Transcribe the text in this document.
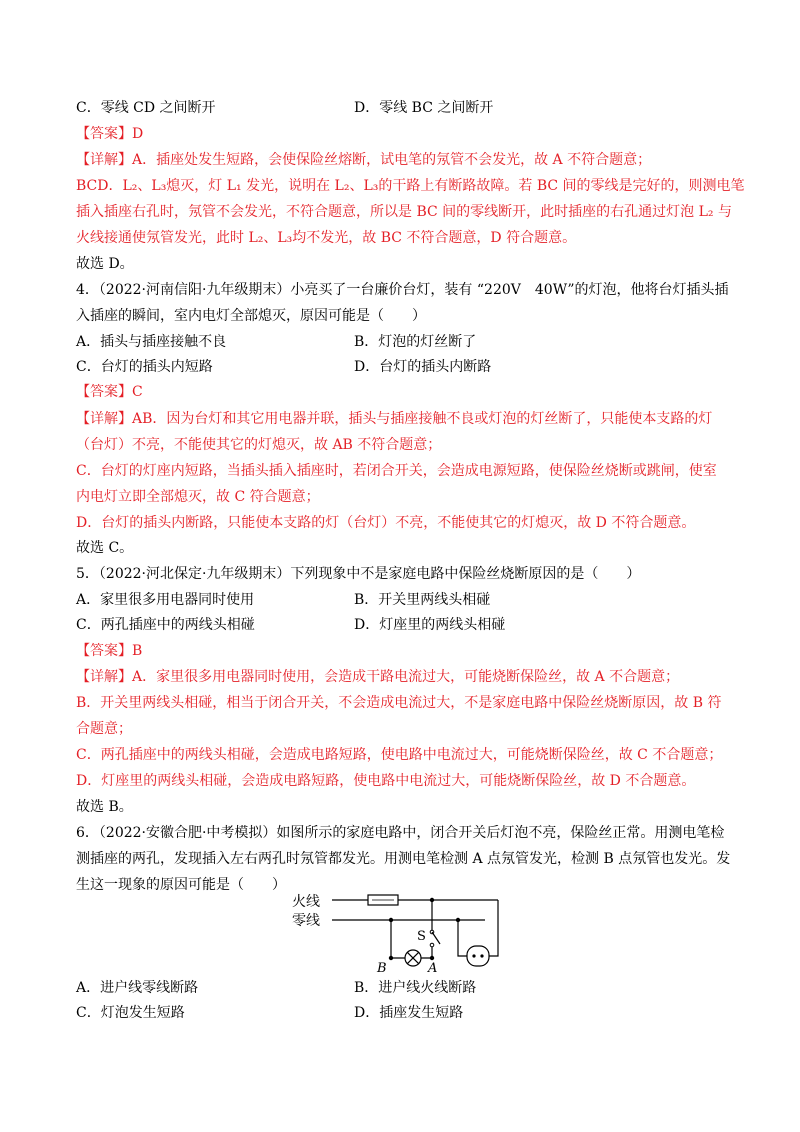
C．零线 CD 之间断开	D．零线 BC 之间断开
【答案】D
【详解】A．插座处发生短路，会使保险丝熔断，试电笔的氖管不会发光，故 A 不符合题意；
BCD．L₂、L₃熄灭，灯 L₁ 发光，说明在 L₂、L₃的干路上有断路故障。若 BC 间的零线是完好的，则测电笔
插入插座右孔时，氖管不会发光，不符合题意，所以是 BC 间的零线断开，此时插座的右孔通过灯泡 L₂ 与
火线接通使氖管发光，此时 L₂、L₃均不发光，故 BC 不符合题意，D 符合题意。
故选 D。
4．（2022·河南信阳·九年级期末）小亮买了一台廉价台灯，装有 “220V　40W”的灯泡，他将台灯插头插
入插座的瞬间，室内电灯全部熄灭，原因可能是（　　）
A．插头与插座接触不良	B．灯泡的灯丝断了
C．台灯的插头内短路	D．台灯的插头内断路
【答案】C
【详解】AB．因为台灯和其它用电器并联，插头与插座接触不良或灯泡的灯丝断了，只能使本支路的灯
（台灯）不亮，不能使其它的灯熄灭，故 AB 不符合题意；
C．台灯的灯座内短路，当插头插入插座时，若闭合开关，会造成电源短路，使保险丝烧断或跳闸，使室
内电灯立即全部熄灭，故 C 符合题意；
D．台灯的插头内断路，只能使本支路的灯（台灯）不亮，不能使其它的灯熄灭，故 D 不符合题意。
故选 C。
5．（2022·河北保定·九年级期末）下列现象中不是家庭电路中保险丝烧断原因的是（　　）
A．家里很多用电器同时使用	B．开关里两线头相碰
C．两孔插座中的两线头相碰	D．灯座里的两线头相碰
【答案】B
【详解】A．家里很多用电器同时使用，会造成干路电流过大，可能烧断保险丝，故 A 不合题意；
B．开关里两线头相碰，相当于闭合开关，不会造成电流过大，不是家庭电路中保险丝烧断原因，故 B 符
合题意；
C．两孔插座中的两线头相碰，会造成电路短路，使电路中电流过大，可能烧断保险丝，故 C 不合题意；
D．灯座里的两线头相碰，会造成电路短路，使电路中电流过大，可能烧断保险丝，故 D 不合题意。
故选 B。
6．（2022·安徽合肥·中考模拟）如图所示的家庭电路中，闭合开关后灯泡不亮，保险丝正常。用测电笔检
测插座的两孔，发现插入左右两孔时氖管都发光。用测电笔检测 A 点氖管发光，检测 B 点氖管也发光。发
生这一现象的原因可能是（　　）
火线
零线
S
B	A
A．进户线零线断路	B．进户线火线断路
C．灯泡发生短路	D．插座发生短路
